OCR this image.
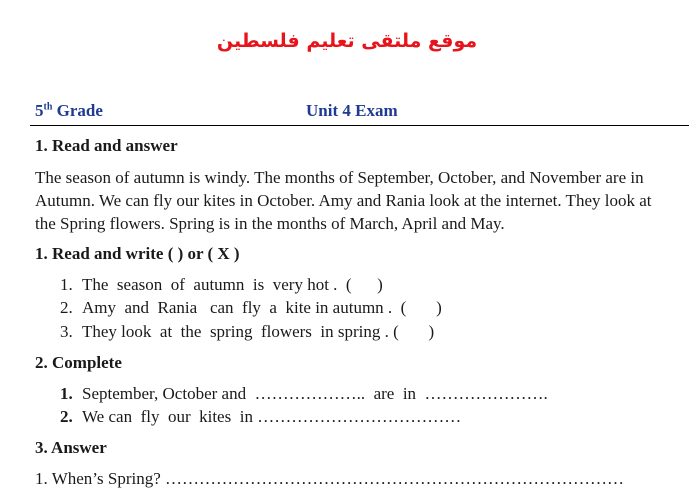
موقع ملتقى تعليم فلسطين
5th Grade	Unit 4 Exam
1. Read and answer
The season of autumn is windy. The months of September, October, and November are in Autumn. We can fly our kites in October. Amy and Rania look at the internet. They look at the Spring flowers. Spring is in the months of March, April and May.
1. Read and write ( ) or ( X )
1. The  season  of  autumn  is  very hot .  (      )
2. Amy  and  Rania   can  fly  a  kite in autumn .  (       )
3. They look  at  the  spring  flowers  in spring . (       )
2. Complete
1. September, October and  ………………..  are  in  ………………….
2. We can  fly  our  kites  in ………………………………
3. Answer
1. When’s Spring? ………………………………………………………………………
